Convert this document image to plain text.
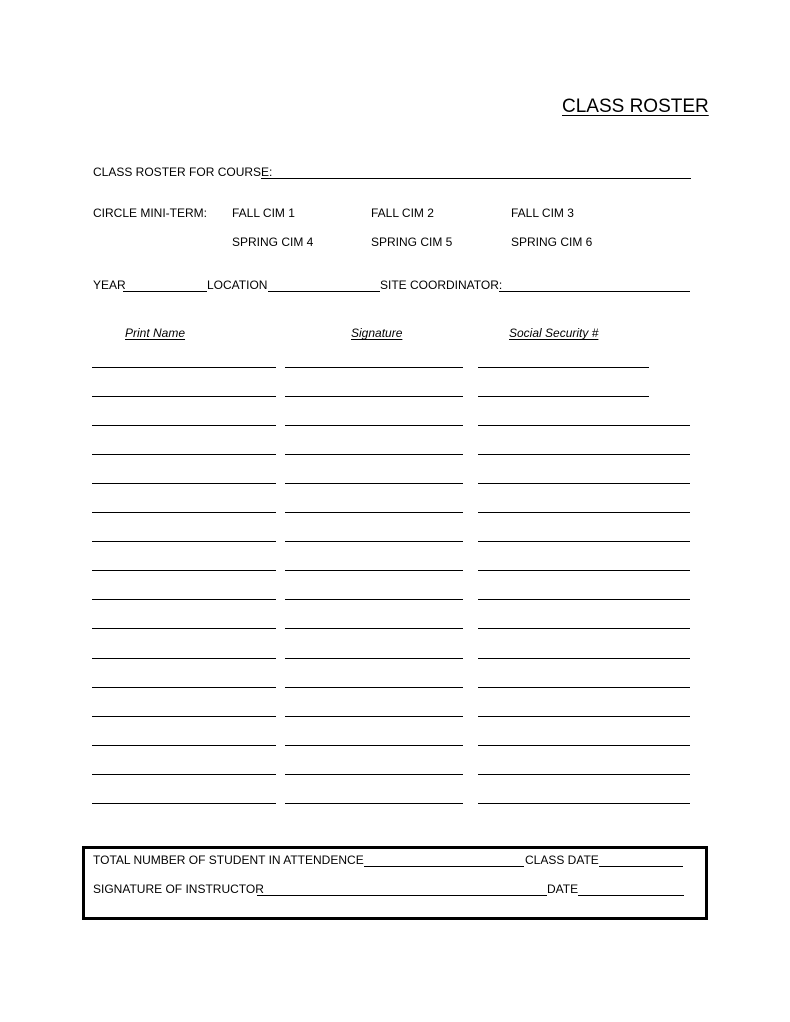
CLASS ROSTER
CLASS ROSTER FOR COURSE:
CIRCLE MINI-TERM: FALL CIM 1	FALL CIM 2	FALL CIM 3
SPRING CIM 4	SPRING CIM 5	SPRING CIM 6
YEAR	LOCATION	SITE COORDINATOR:
Print Name	Signature	Social Security #
TOTAL NUMBER OF STUDENT IN ATTENDENCE	CLASS DATE
SIGNATURE OF INSTRUCTOR	DATE
